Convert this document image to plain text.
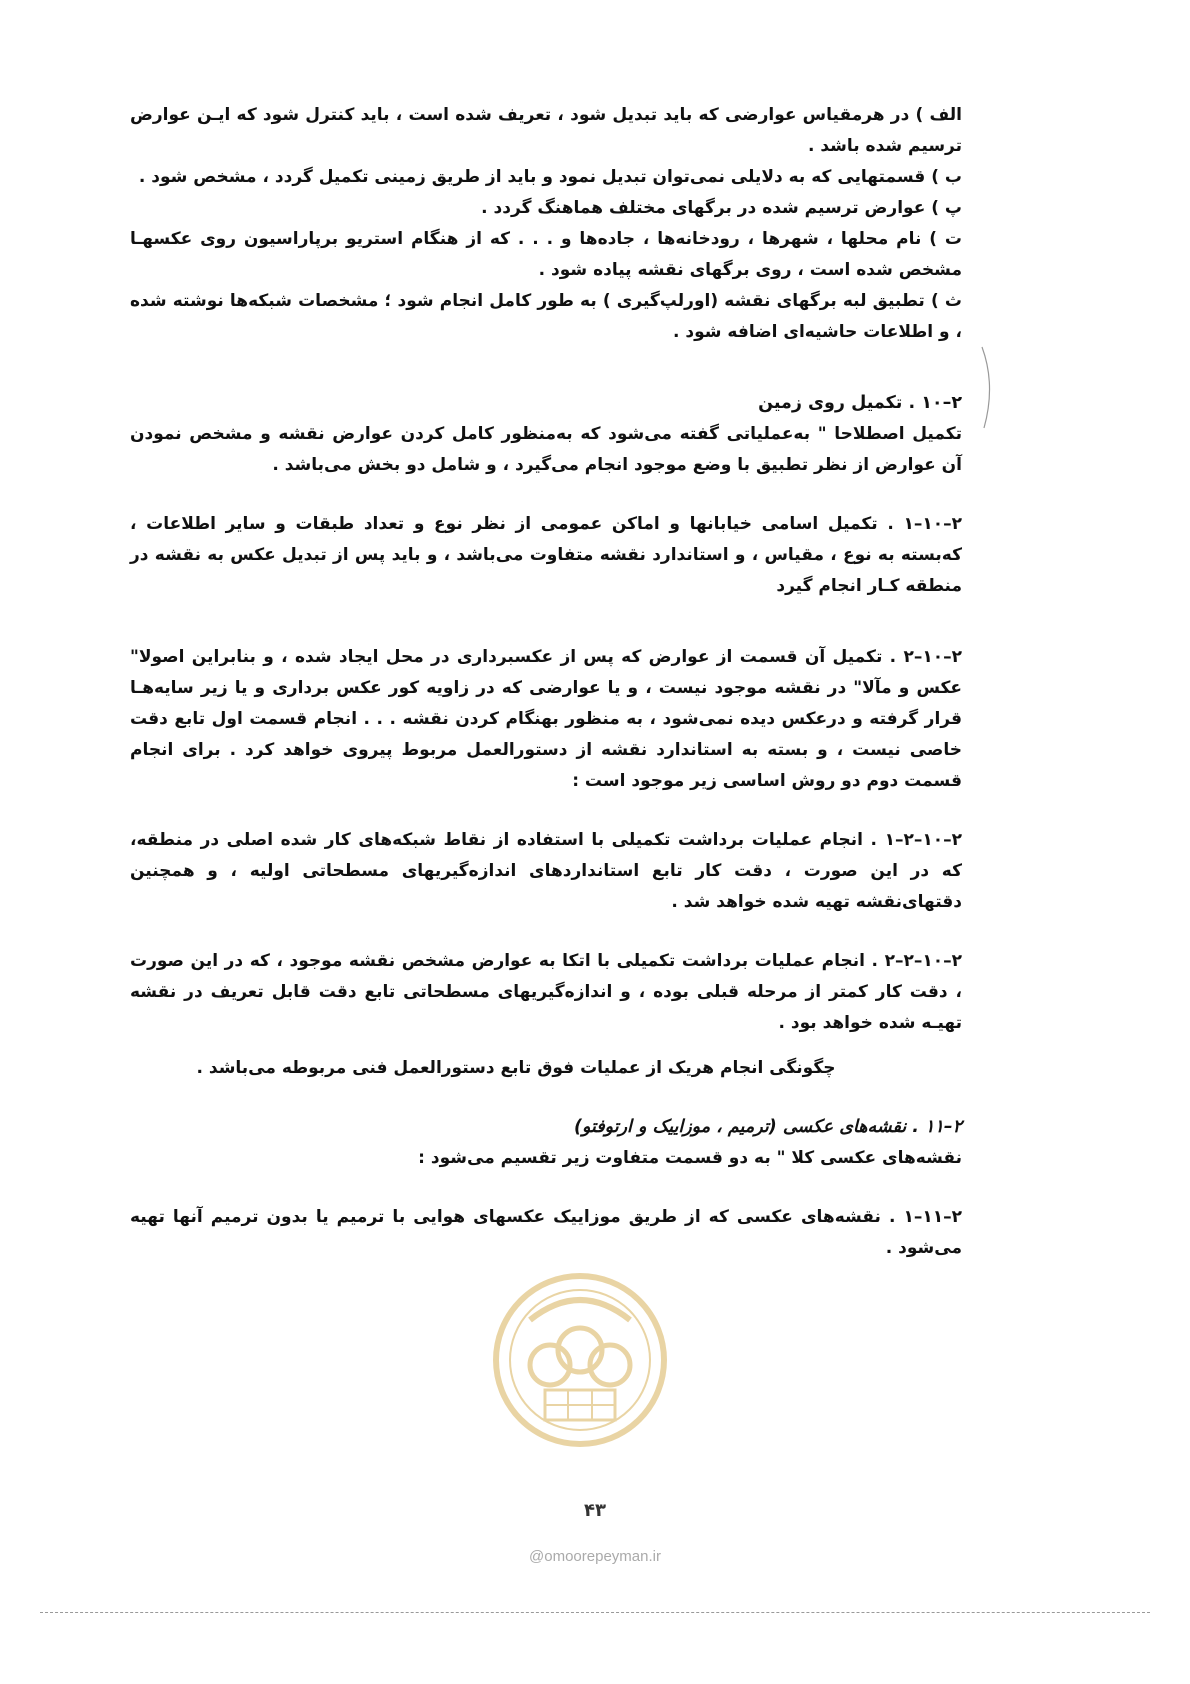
الف ) در هرمقیاس عوارضی که باید تبدیل شود ، تعریف شده است ، باید کنترل شود که ایـن عوارض ترسیم شده باشد .

ب ) قسمتهایی که به دلایلی نمی‌توان تبدیل نمود و باید از طریق زمینی تکمیل گردد ، مشخص شود .

پ ) عوارض ترسیم شده در برگهای مختلف هماهنگ گردد .

ت ) نام محلها ، شهرها ، رودخانه‌ها ، جاده‌ها و . . . که از هنگام استریو برپاراسیون روی عکسهـا مشخص شده است ، روی برگهای نقشه پیاده شود .

ث ) تطبیق لبه برگهای نقشه (اورلپ‌گیری ) به طور کامل انجام شود ؛ مشخصات شبکه‌ها نوشته شده ، و اطلاعات حاشیه‌ای اضافه شود .

۲–۱۰ . تکمیل روی زمین

تکمیل اصطلاحا " به‌عملیاتی گفته می‌شود که به‌منظور کامل کردن عوارض نقشه و مشخص نمودن آن عوارض از نظر تطبیق با وضع موجود انجام می‌گیرد ، و شامل دو بخش می‌باشد .

۲–۱۰–۱ . تکمیل اسامی خیابانها و اماکن عمومی از نظر نوع و تعداد طبقات و سایر اطلاعات ، که‌بسته به نوع ، مقیاس ، و استاندارد نقشه متفاوت می‌باشد ، و باید پس از تبدیل عکس به نقشه در منطقه کـار انجام گیرد

۲–۱۰–۲ . تکمیل آن قسمت از عوارض که پس از عکسبرداری در محل ایجاد شده ، و بنابراین اصولا" عکس و مآلا" در نقشه موجود نیست ، و یا عوارضی که در زاویه کور عکس برداری و یا زیر سایه‌هـا قرار گرفته و درعکس دیده نمی‌شود ، به منظور بهنگام کردن نقشه . . . انجام قسمت اول تابع دقت خاصی نیست ، و بسته به استاندارد نقشه از دستورالعمل مربوط پیروی خواهد کرد . برای انجام قسمت دوم دو روش اساسی زیر موجود است :

۲–۱۰–۲–۱ . انجام عملیات برداشت تکمیلی با استفاده از نقاط شبکه‌های کار شده اصلی در منطقه، که در این صورت ، دقت کار تابع استانداردهای اندازه‌گیریهای مسطحاتی اولیه ، و همچنین دقتهای‌نقشه تهیه شده خواهد شد .

۲–۱۰–۲–۲ . انجام عملیات برداشت تکمیلی با اتکا به عوارض مشخص نقشه موجود ، که در این صورت ، دقت کار کمتر از مرحله قبلی بوده ، و اندازه‌گیریهای مسطحاتی تابع دقت قابل تعریف در نقشه تهیـه شده خواهد بود .

چگونگی انجام هریک از عملیات فوق تابع دستورالعمل فنی مربوطه می‌باشد .

۲–۱۱ . نقشه‌های عکسی (ترمیم ، موزاییک و ارتوفتو)

نقشه‌های عکسی کلا " به دو قسمت متفاوت زیر تقسیم می‌شود :

۲–۱۱–۱ . نقشه‌های عکسی که از طریق موزاییک عکسهای هوایی با ترمیم یا بدون ترمیم آنها تهیه می‌شود .

۴۳
@omoorepeyman.ir
